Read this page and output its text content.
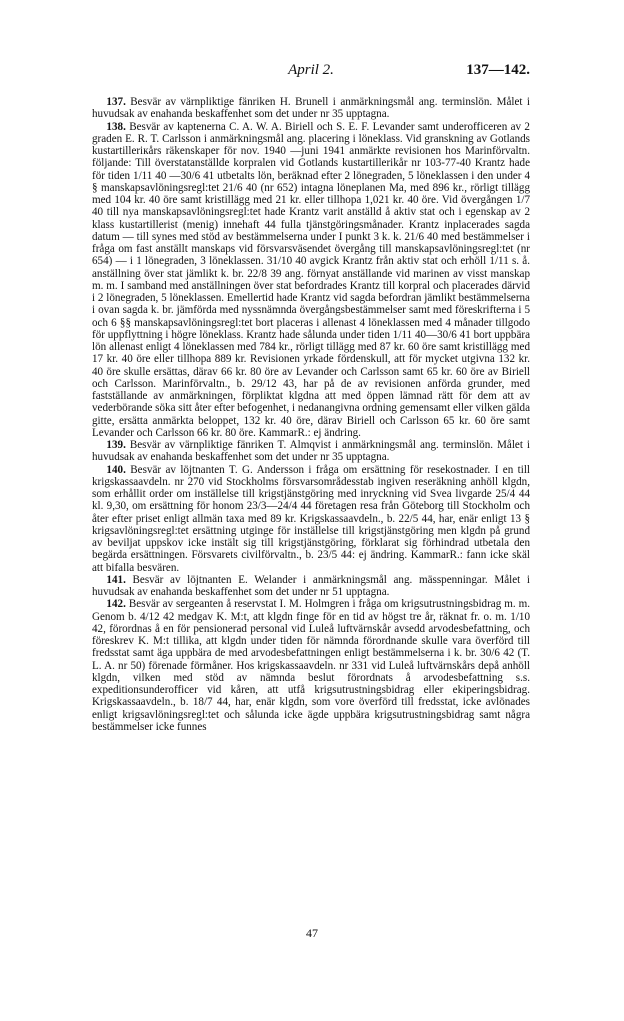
April 2.	137—142.

137. Besvär av värnpliktige fänriken H. Brunell i anmärkningsmål ang. terminslön. Målet i huvudsak av enahanda beskaffenhet som det under nr 35 upptagna.

138. Besvär av kaptenerna C. A. W. A. Biriell och S. E. F. Levander samt underofficeren av 2 graden E. R. T. Carlsson i anmärkningsmål ang. placering i löneklass. Vid granskning av Gotlands kustartilleriкårs räkenskaper för nov. 1940 —juni 1941 anmärkte revisionen hos Marinförvaltn. följande: Till överstatanställde korpralen vid Gotlands kustartillerikår nr 103-77-40 Krantz hade för tiden 1/11 40 —30/6 41 utbetalts lön, beräknad efter 2 lönegraden, 5 löneklassen i den under 4 § manskapsavlöningsregl:tet 21/6 40 (nr 652) intagna löneplanen Ma, med 896 kr., rörligt tillägg med 104 kr. 40 öre samt kristillägg med 21 kr. eller tillhopa 1,021 kr. 40 öre. Vid övergången 1/7 40 till nya manskapsavlöningsregl:tet hade Krantz varit anställd å aktiv stat och i egenskap av 2 klass kustartillerist (menig) innehaft 44 fulla tjänstgöringsmånader. Krantz inplacerades sagda datum — till synes med stöd av bestämmelserna under I punkt 3 k. k. 21/6 40 med bestämmelser i fråga om fast anställt manskaps vid försvarsväsendet övergång till manskapsavlöningsregl:tet (nr 654) — i 1 lönegraden, 3 löneklassen. 31/10 40 avgick Krantz från aktiv stat och erhöll 1/11 s. å. anställning över stat jämlikt k. br. 22/8 39 ang. förnyat anställande vid marinen av visst manskap m. m. I samband med anställningen över stat befordrades Krantz till korpral och placerades därvid i 2 lönegraden, 5 löneklassen. Emellertid hade Krantz vid sagda befordran jämlikt bestämmelserna i ovan sagda k. br. jämförda med nyssnämnda övergångsbestämmelser samt med föreskrifterna i 5 och 6 §§ manskapsavlöningsregl:tet bort placeras i allenast 4 löneklassen med 4 månader tillgodo för uppflyttning i högre löneklass. Krantz hade sålunda under tiden 1/11 40—30/6 41 bort uppbära lön allenast enligt 4 löneklassen med 784 kr., rörligt tillägg med 87 kr. 60 öre samt kristillägg med 17 kr. 40 öre eller tillhopa 889 kr. Revisionen yrkade fördenskull, att för mycket utgivna 132 kr. 40 öre skulle ersättas, därav 66 kr. 80 öre av Levander och Carlsson samt 65 kr. 60 öre av Biriell och Carlsson. Marinförvaltn., b. 29/12 43, har på de av revisionen anförda grunder, med fastställande av anmärkningen, förpliktat klgdna att med öppen lämnad rätt för dem att av vederbörande söka sitt åter efter befogenhet, i nedanangivna ordning gemensamt eller vilken gälda gitte, ersätta anmärkta beloppet, 132 kr. 40 öre, därav Biriell och Carlsson 65 kr. 60 öre samt Levander och Carlsson 66 kr. 80 öre. KammarR.: ej ändring.

139. Besvär av värnpliktige fänriken T. Almqvist i anmärkningsmål ang. terminslön. Målet i huvudsak av enahanda beskaffenhet som det under nr 35 upptagna.

140. Besvär av löjtnanten T. G. Andersson i fråga om ersättning för resekostnader. I en till krigskassaavdeln. nr 270 vid Stockholms försvarsområdesstab ingiven reseräkning anhöll klgdn, som erhållit order om inställelse till krigstjänstgöring med inryckning vid Svea livgarde 25/4 44 kl. 9,30, om ersättning för honom 23/3—24/4 44 företagen resa från Göteborg till Stockholm och åter efter priset enligt allmän taxa med 89 kr. Krigskassaavdeln., b. 22/5 44, har, enär enligt 13 § krigsavlöningsregl:tet ersättning utginge för inställelse till krigstjänstgöring men klgdn på grund av beviljat uppskov icke instält sig till krigstjänstgöring, förklarat sig förhindrad utbetala den begärda ersättningen. Försvarets civilförvaltn., b. 23/5 44: ej ändring. KammarR.: fann icke skäl att bifalla besvären.

141. Besvär av löjtnanten E. Welander i anmärkningsmål ang. mässpenningar. Målet i huvudsak av enahanda beskaffenhet som det under nr 51 upptagna.

142. Besvär av sergeanten å reservstat I. M. Holmgren i fråga om krigsutrustningsbidrag m. m. Genom b. 4/12 42 medgav K. M:t, att klgdn finge för en tid av högst tre år, räknat fr. o. m. 1/10 42, förordnas å en för pensionerad personal vid Luleå luftvärnskår avsedd arvodesbefattning, och föreskrev K. M:t tillika, att klgdn under tiden för nämnda förordnande skulle vara överförd till fredsstat samt äga uppbära de med arvodesbefattningen enligt bestämmelserna i k. br. 30/6 42 (T. L. A. nr 50) förenade förmåner. Hos krigskassaavdeln. nr 331 vid Luleå luftvärnskårs depå anhöll klgdn, vilken med stöd av nämnda beslut förordnats å arvodesbefattning s.s. expeditionsunderofficer vid kåren, att utfå krigsutrustningsbidrag eller ekiperingsbidrag. Krigskassaavdeln., b. 18/7 44, har, enär klgdn, som vore överförd till fredsstat, icke avlönades enligt krigsavlöningsregl:tet och sålunda icke ägde uppbära krigsutrustningsbidrag samt några bestämmelser icke funnes

47
